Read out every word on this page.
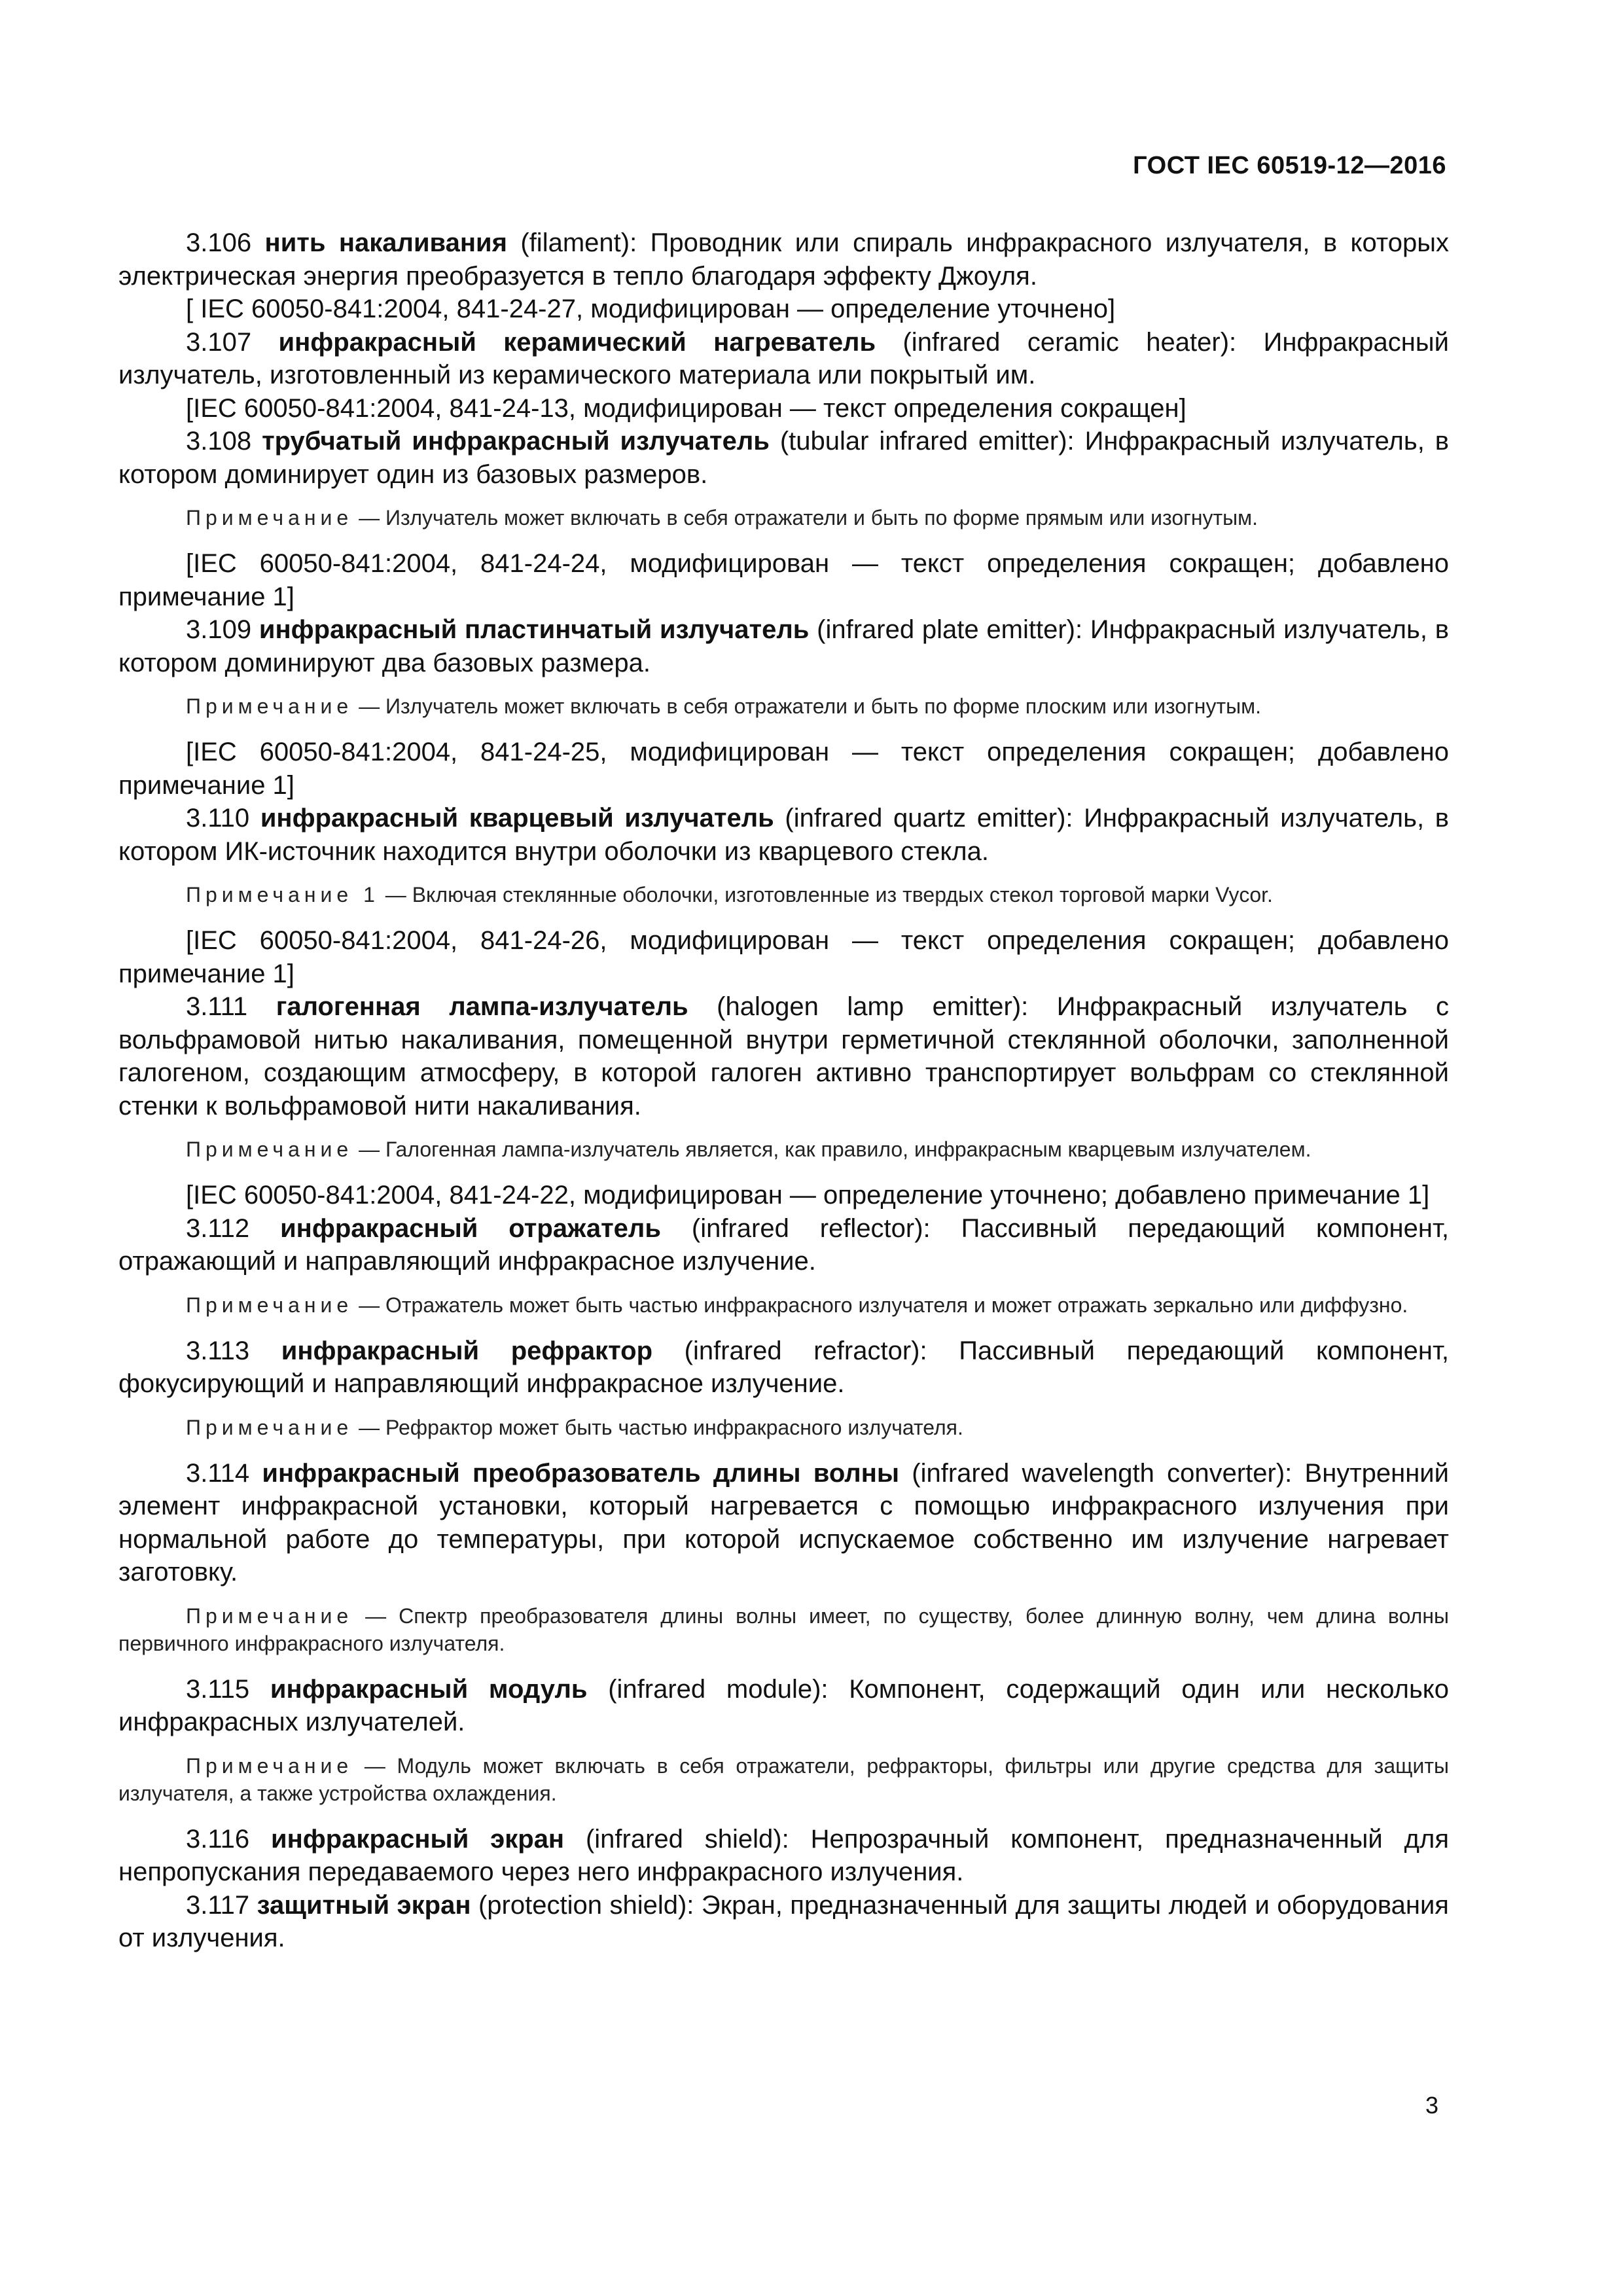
ГОСТ IEC 60519-12—2016

3.106 нить накаливания (filament): Проводник или спираль инфракрасного излучателя, в которых электрическая энергия преобразуется в тепло благодаря эффекту Джоуля.

[ IEC 60050-841:2004, 841-24-27, модифицирован — определение уточнено]

3.107 инфракрасный керамический нагреватель (infrared ceramic heater): Инфракрасный излучатель, изготовленный из керамического материала или покрытый им.

[IEC 60050-841:2004, 841-24-13, модифицирован — текст определения сокращен]

3.108 трубчатый инфракрасный излучатель (tubular infrared emitter): Инфракрасный излучатель, в котором доминирует один из базовых размеров.

Примечание — Излучатель может включать в себя отражатели и быть по форме прямым или изогнутым.

[IEC 60050-841:2004, 841-24-24, модифицирован — текст определения сокращен; добавлено примечание 1]

3.109 инфракрасный пластинчатый излучатель (infrared plate emitter): Инфракрасный излучатель, в котором доминируют два базовых размера.

Примечание — Излучатель может включать в себя отражатели и быть по форме плоским или изогнутым.

[IEC 60050-841:2004, 841-24-25, модифицирован — текст определения сокращен; добавлено примечание 1]

3.110 инфракрасный кварцевый излучатель (infrared quartz emitter): Инфракрасный излучатель, в котором ИК-источник находится внутри оболочки из кварцевого стекла.

Примечание 1 — Включая стеклянные оболочки, изготовленные из твердых стекол торговой марки Vycor.

[IEC 60050-841:2004, 841-24-26, модифицирован — текст определения сокращен; добавлено примечание 1]

3.111 галогенная лампа-излучатель (halogen lamp emitter): Инфракрасный излучатель с вольфрамовой нитью накаливания, помещенной внутри герметичной стеклянной оболочки, заполненной галогеном, создающим атмосферу, в которой галоген активно транспортирует вольфрам со стеклянной стенки к вольфрамовой нити накаливания.

Примечание — Галогенная лампа-излучатель является, как правило, инфракрасным кварцевым излучателем.

[IEC 60050-841:2004, 841-24-22, модифицирован — определение уточнено; добавлено примечание 1]

3.112 инфракрасный отражатель (infrared reflector): Пассивный передающий компонент, отражающий и направляющий инфракрасное излучение.

Примечание — Отражатель может быть частью инфракрасного излучателя и может отражать зеркально или диффузно.

3.113 инфракрасный рефрактор (infrared refractor): Пассивный передающий компонент, фокусирующий и направляющий инфракрасное излучение.

Примечание — Рефрактор может быть частью инфракрасного излучателя.

3.114 инфракрасный преобразователь длины волны (infrared wavelength converter): Внутренний элемент инфракрасной установки, который нагревается с помощью инфракрасного излучения при нормальной работе до температуры, при которой испускаемое собственно им излучение нагревает заготовку.

Примечание — Спектр преобразователя длины волны имеет, по существу, более длинную волну, чем длина волны первичного инфракрасного излучателя.

3.115 инфракрасный модуль (infrared module): Компонент, содержащий один или несколько инфракрасных излучателей.

Примечание — Модуль может включать в себя отражатели, рефракторы, фильтры или другие средства для защиты излучателя, а также устройства охлаждения.

3.116 инфракрасный экран (infrared shield): Непрозрачный компонент, предназначенный для непропускания передаваемого через него инфракрасного излучения.

3.117 защитный экран (protection shield): Экран, предназначенный для защиты людей и оборудования от излучения.

3
